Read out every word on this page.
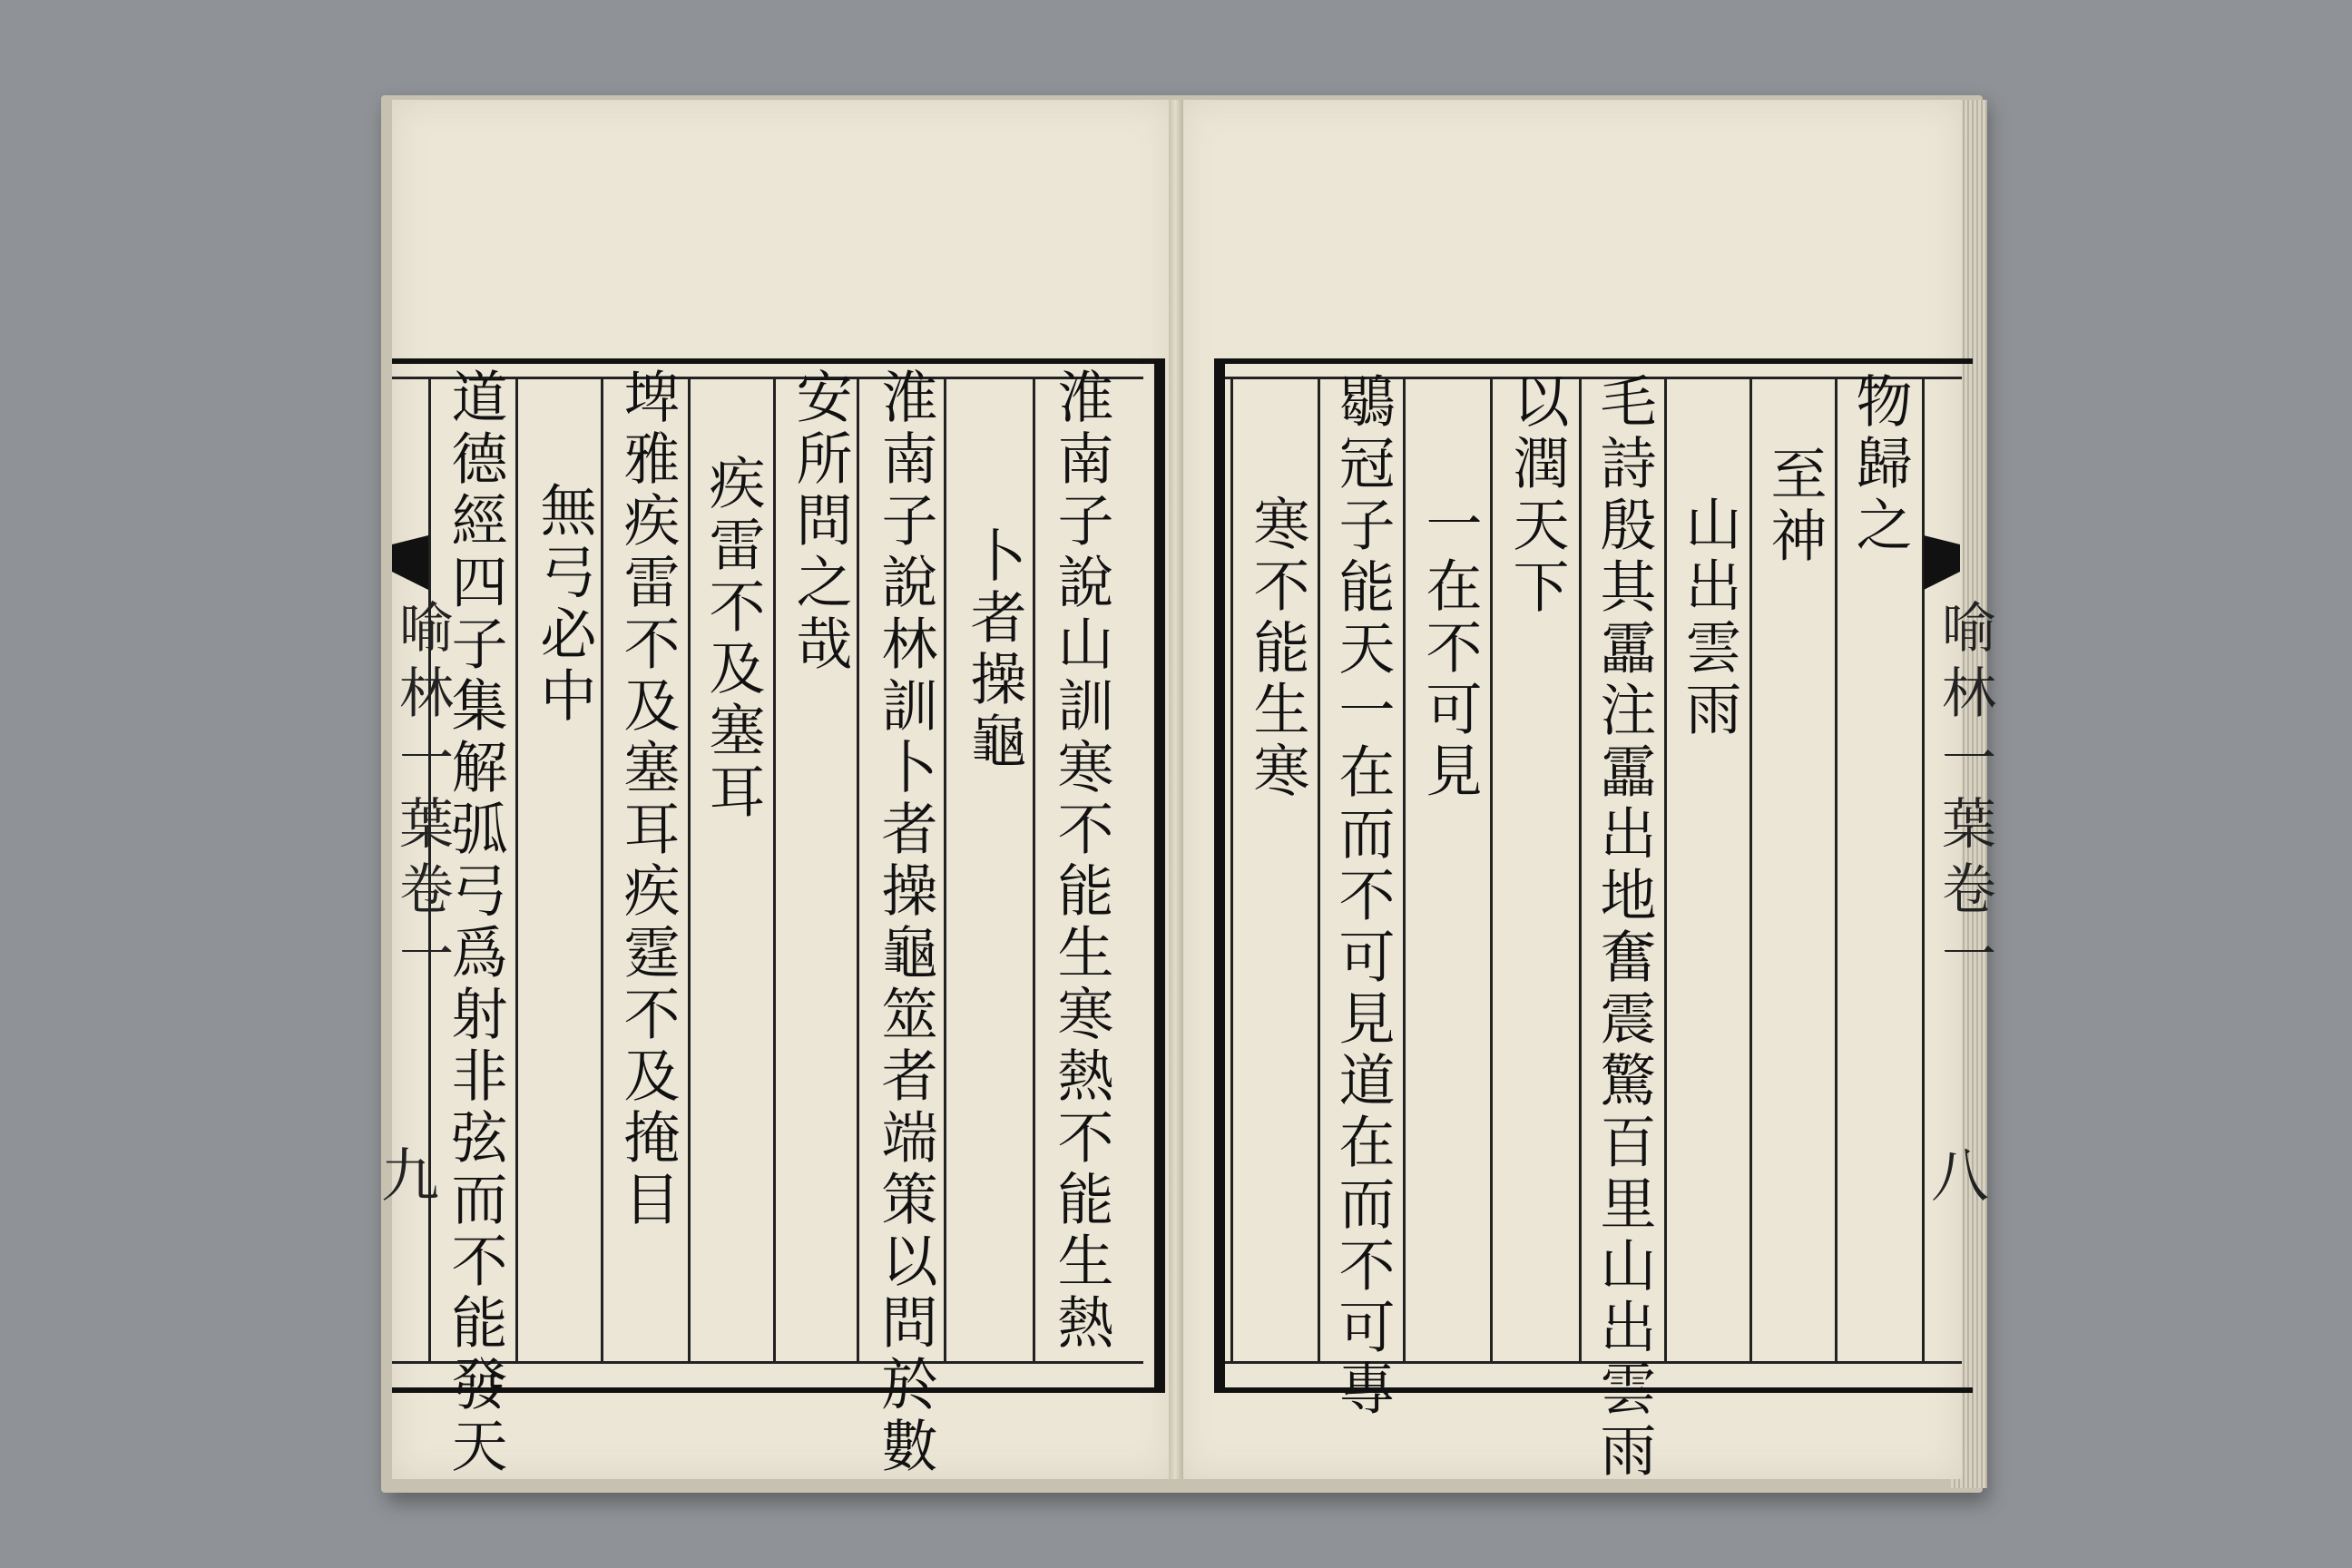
淮南子說山訓寒不能生寒熱不能生熱
卜者操龜
淮南子說林訓卜者操龜筮者端策以問於數
安所問之哉
疾雷不及塞耳
埤雅疾雷不及塞耳疾霆不及掩目
無弓必中
道德經四子集解弧弓爲射非弦而不能發天
喻林一葉卷一
九
物歸之
至神
山出雲雨
毛詩殷其靁注靁出地奮震驚百里山出雲雨
以潤天下
一在不可見
鶡冠子能天一在而不可見道在而不可專
寒不能生寒	喻林一葉卷一
八
